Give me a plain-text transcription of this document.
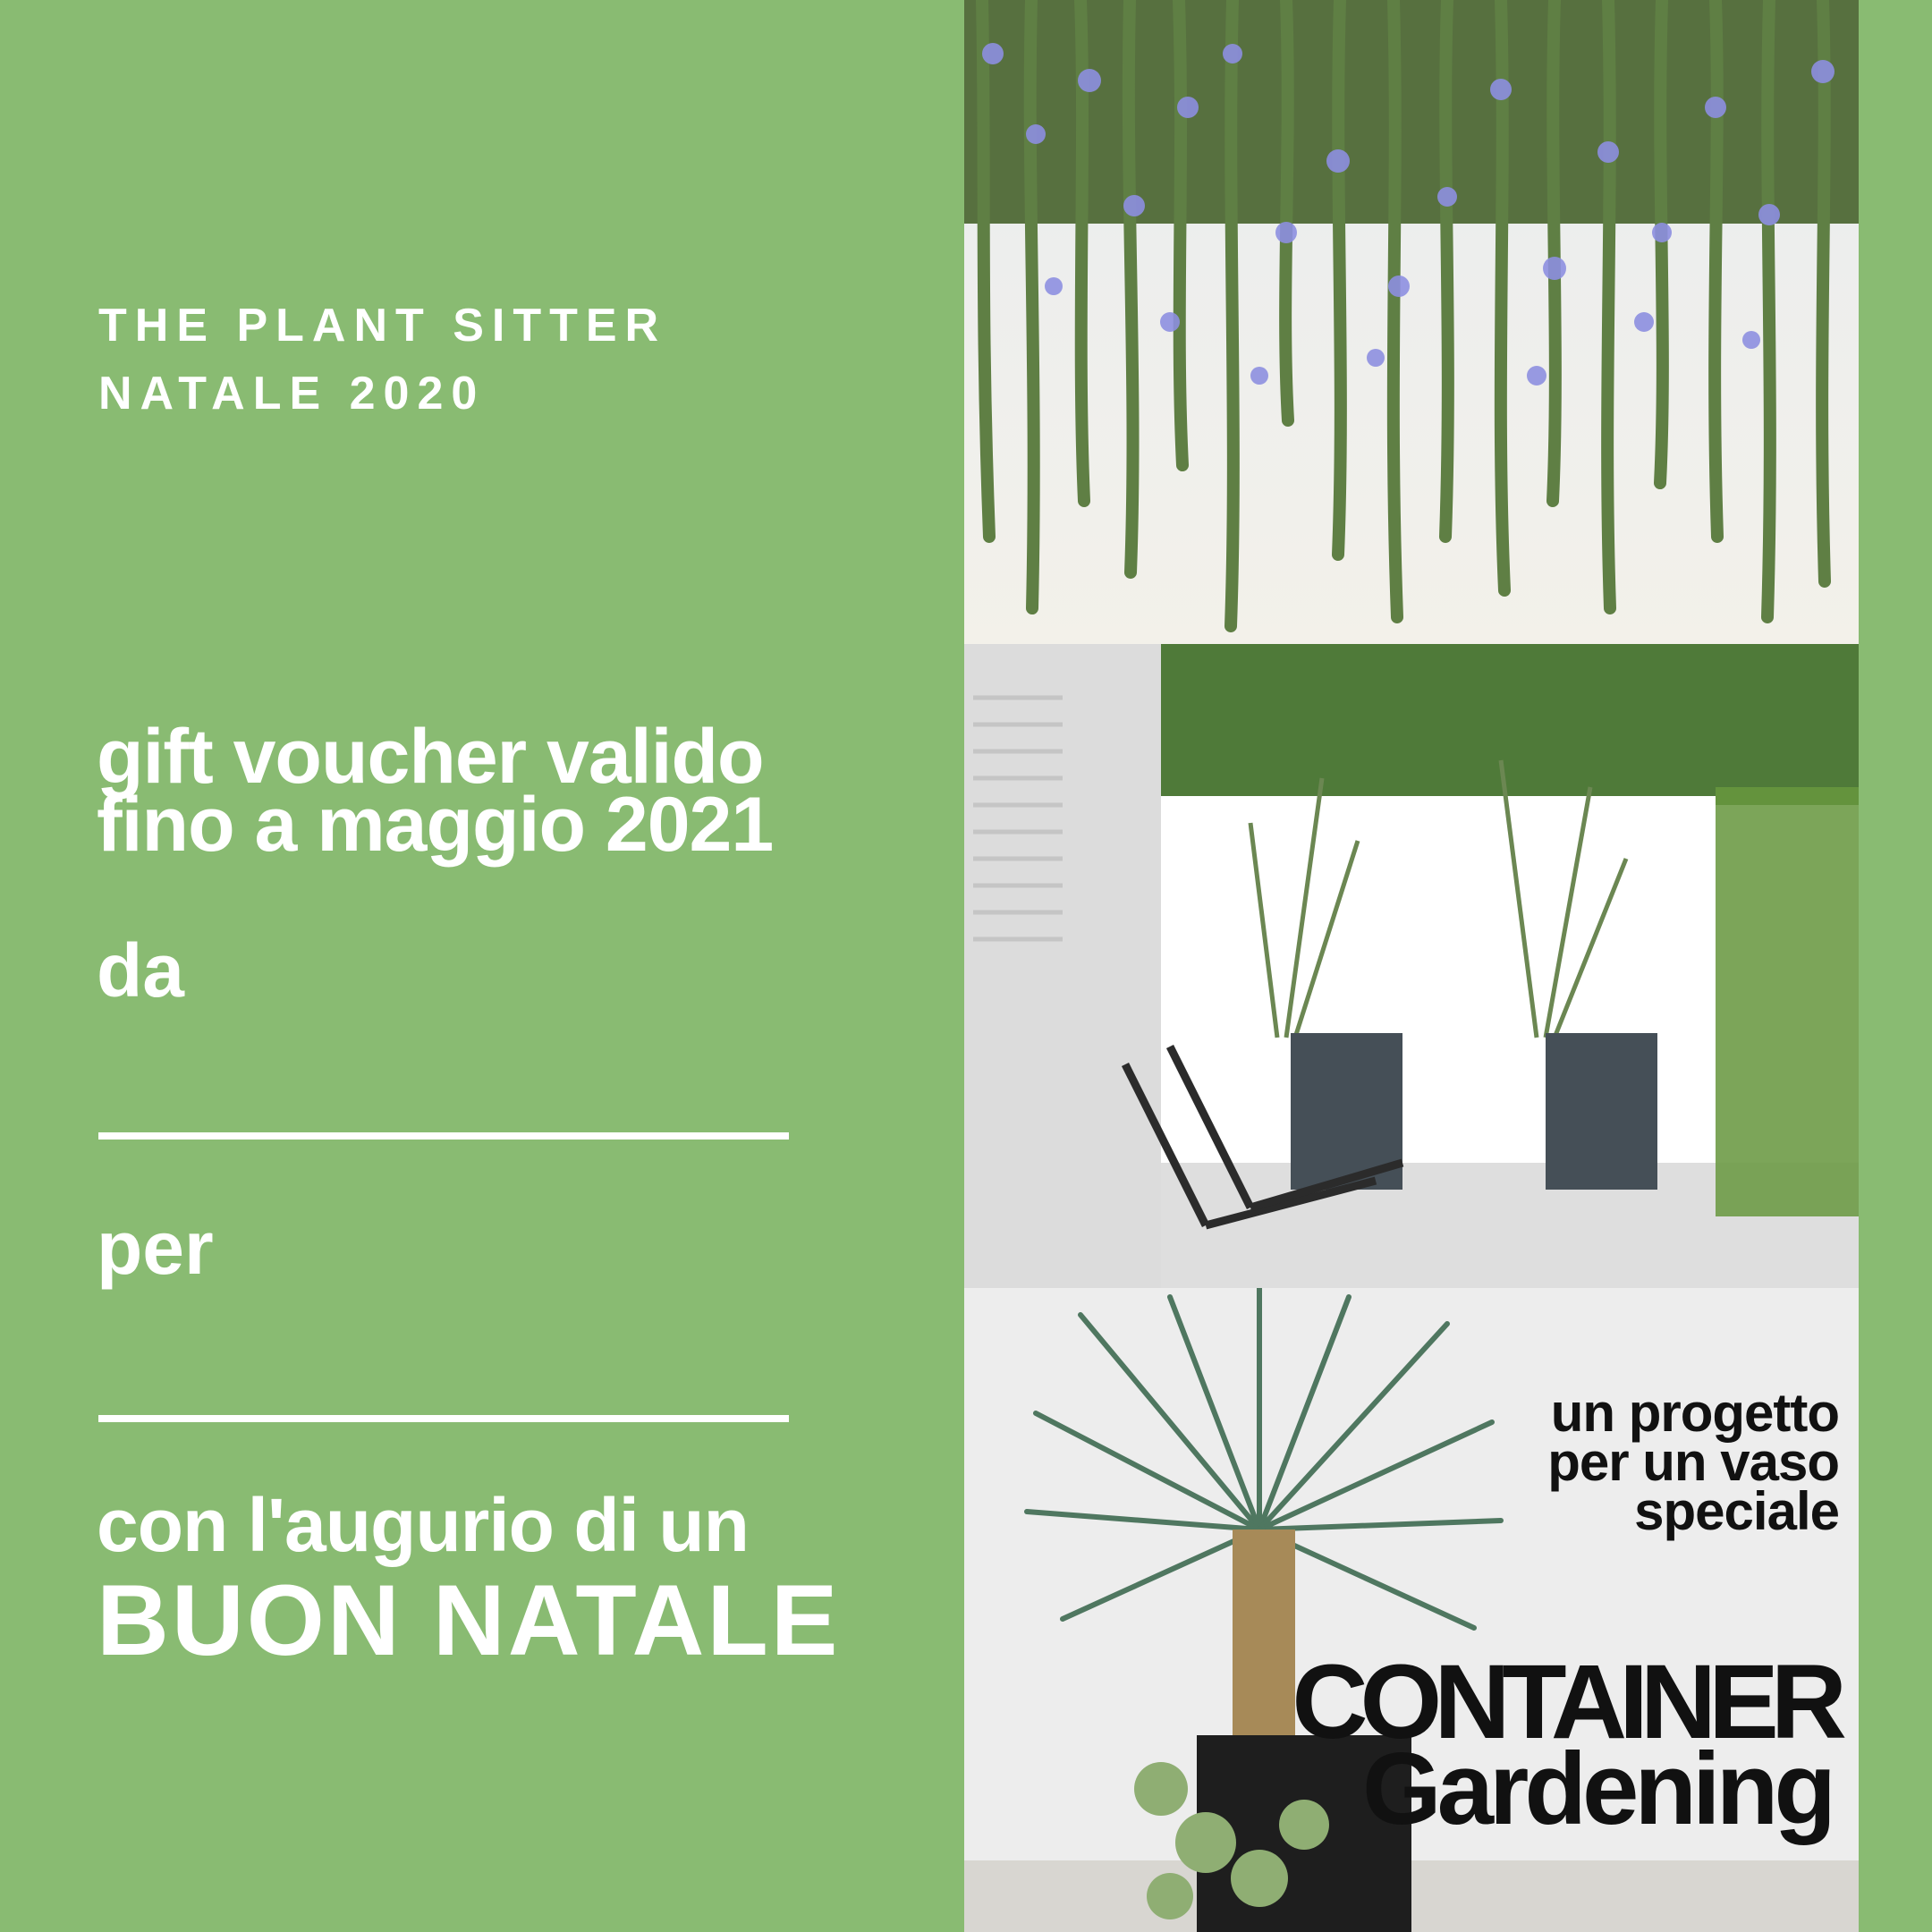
THE PLANT SITTER
NATALE 2020
gift voucher valido
fino a maggio 2021
da
per
con l'augurio di un
BUON NATALE
un progetto
per un vaso
speciale
CONTAINER
Gardening
